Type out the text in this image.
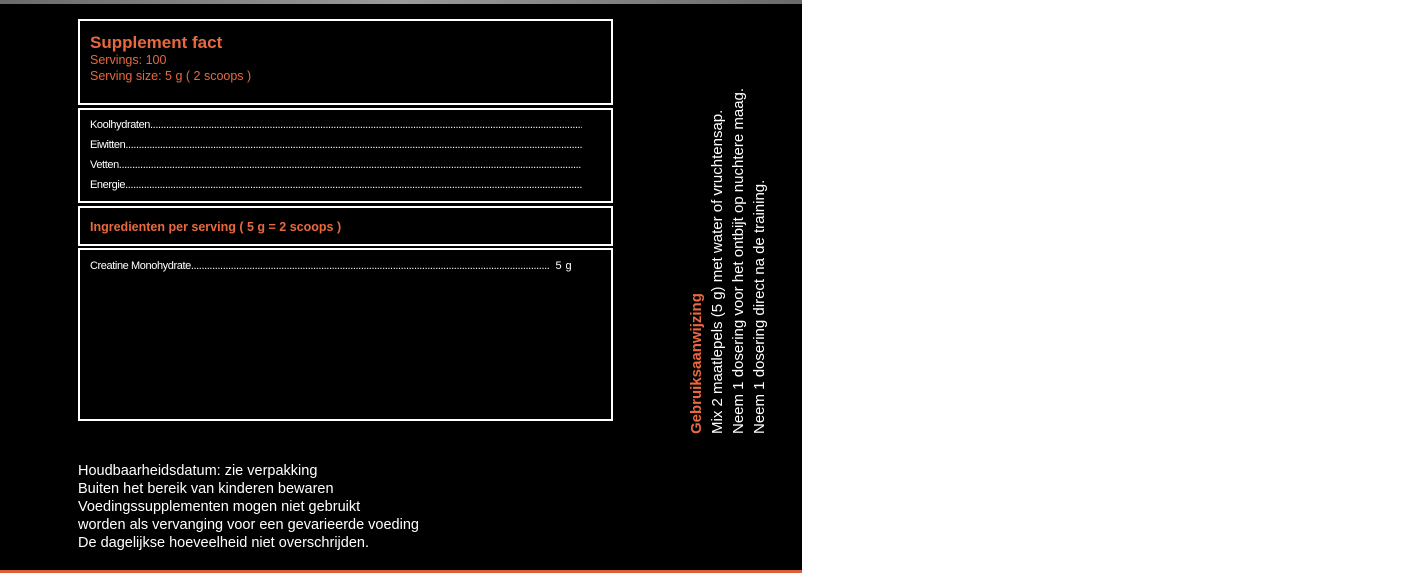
Supplement fact
Servings: 100
Serving size: 5 g ( 2 scoops )
Koolhydraten
.....
Eiwitten
.....
Vetten
.....
Energie
.....
Ingredienten per serving ( 5 g = 2 scoops )
Creatine Monohydrate
.....	5 g
Houdbaarheidsdatum: zie verpakking
Buiten het bereik van kinderen bewaren
Voedingssupplementen mogen niet gebruikt
worden als vervanging voor een gevarieerde voeding
De dagelijkse hoeveelheid niet overschrijden.
Gebruiksaanwijzing Mix 2 maatlepels (5 g) met water of vruchtensap. Neem 1 dosering voor het ontbijt op nuchtere maag. Neem 1 dosering direct na de training.
